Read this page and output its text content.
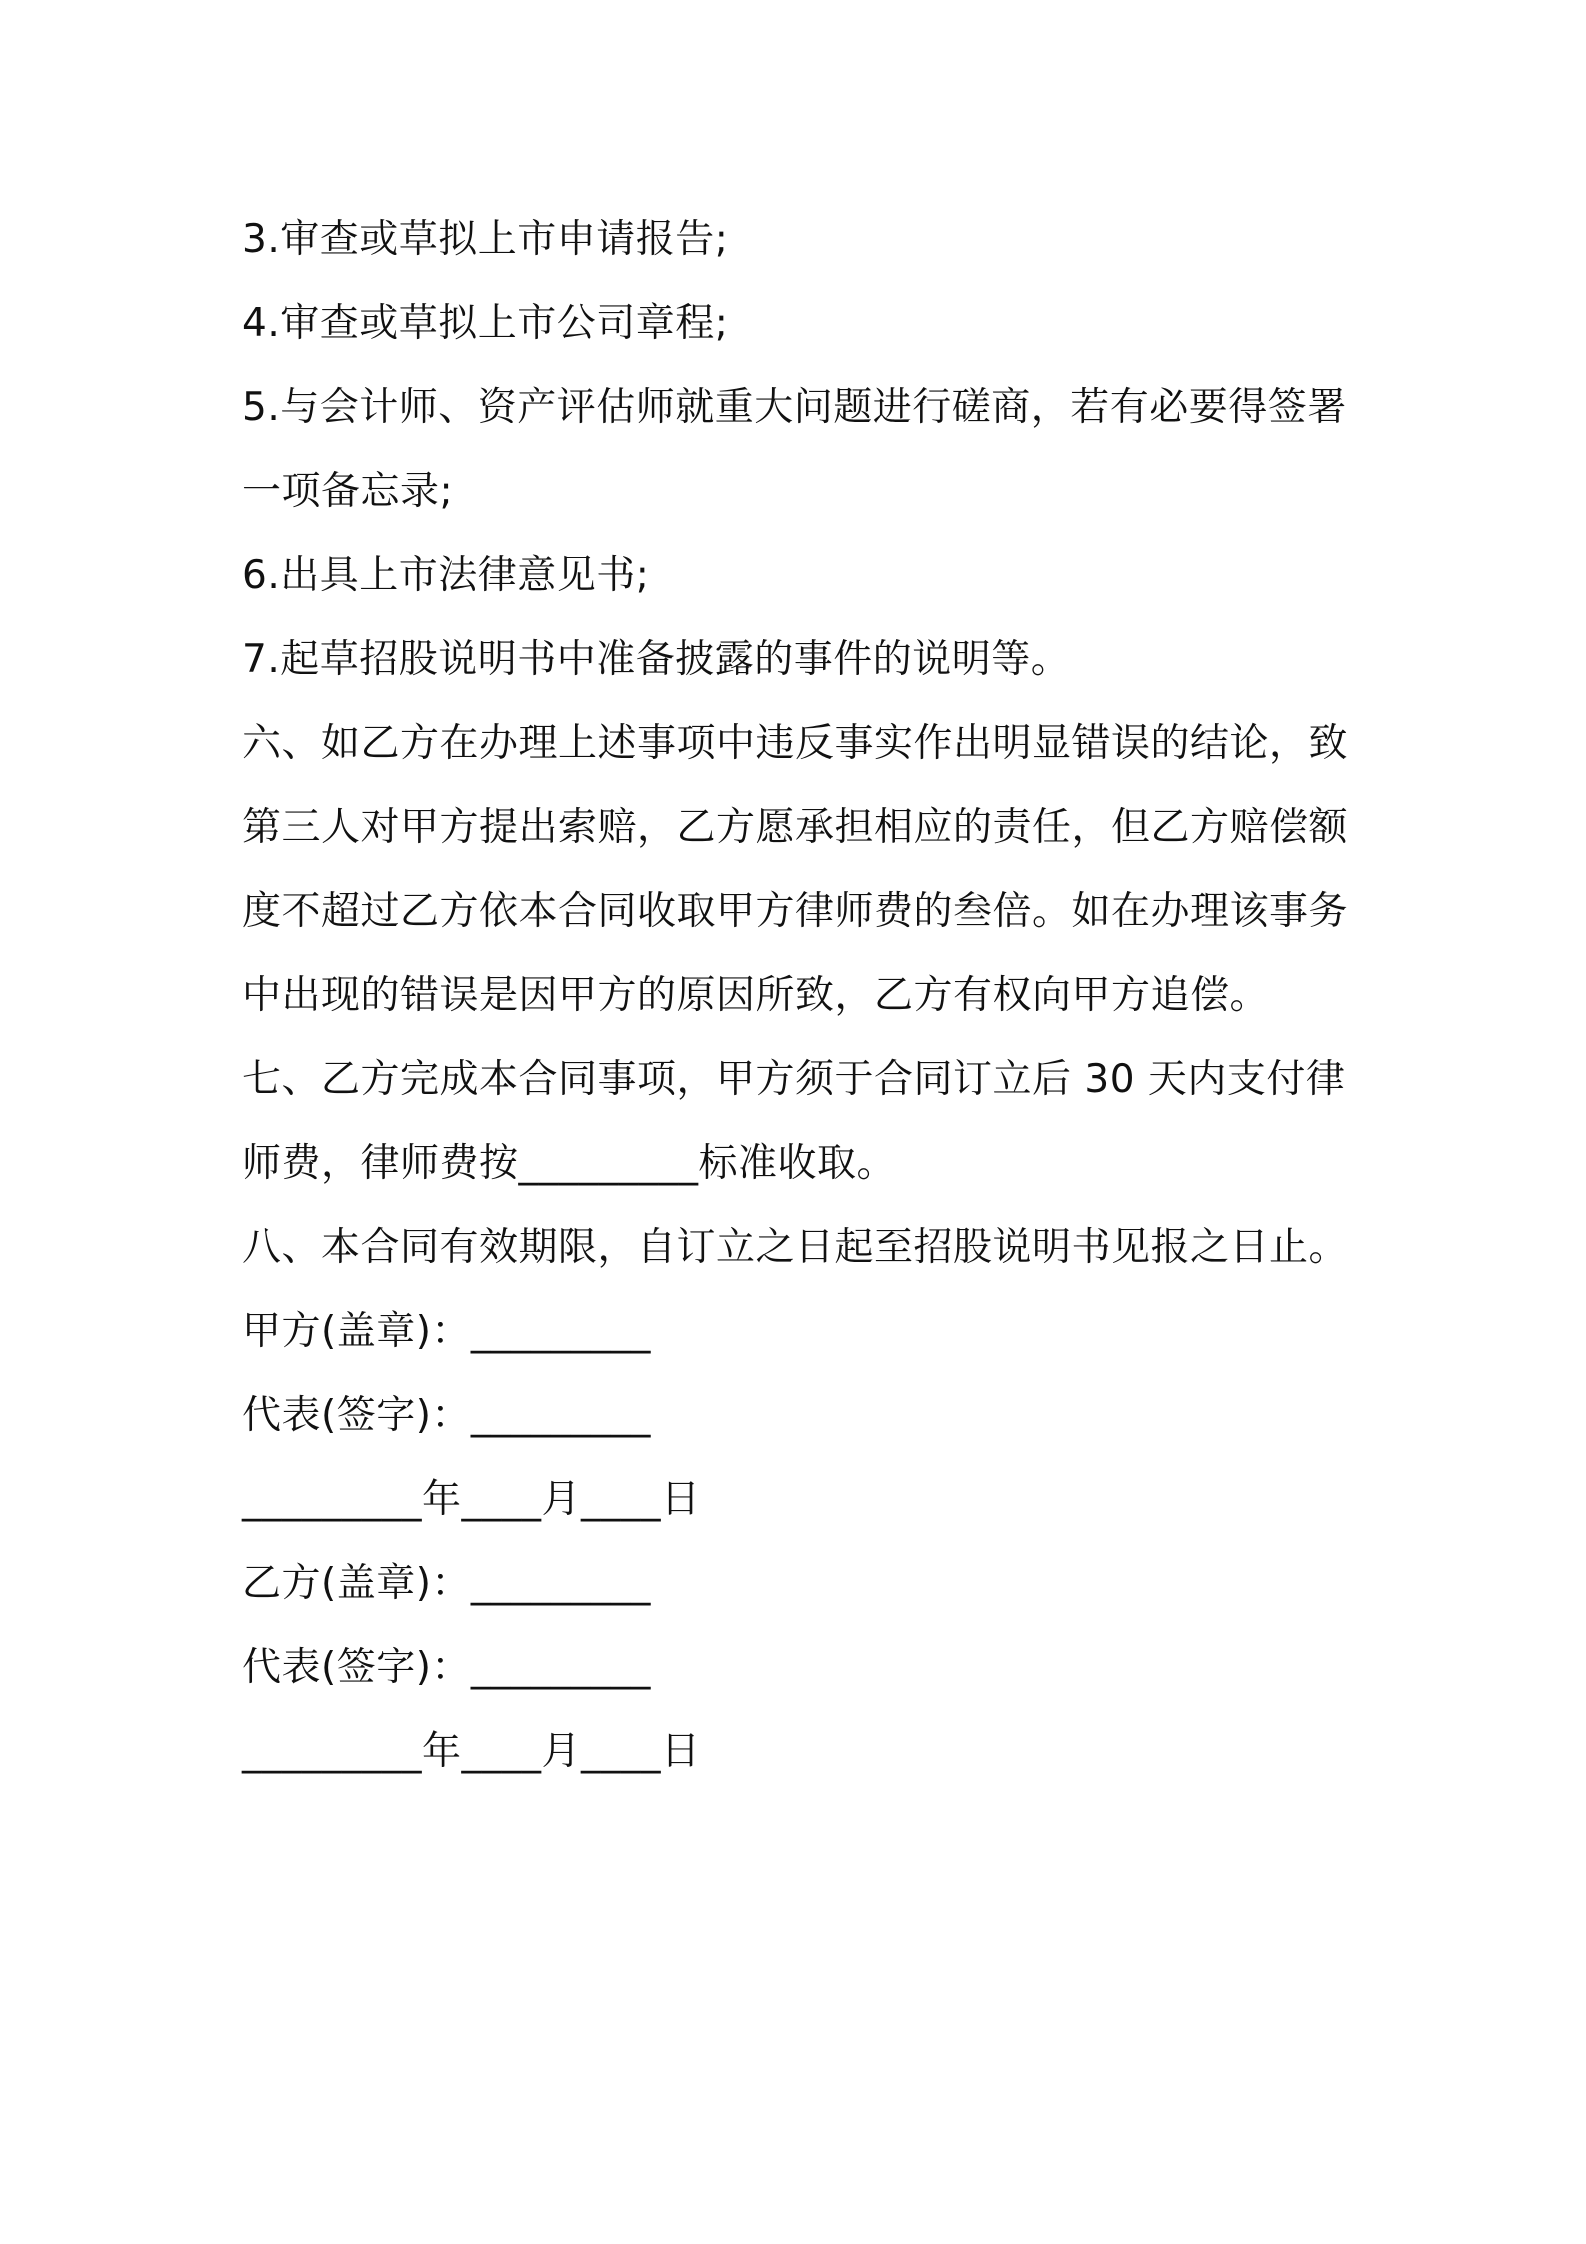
3.审查或草拟上市申请报告;
4.审查或草拟上市公司章程;
5.与会计师、资产评估师就重大问题进行磋商，若有必要得签署
一项备忘录;
6.出具上市法律意见书;
7.起草招股说明书中准备披露的事件的说明等。
六、如乙方在办理上述事项中违反事实作出明显错误的结论，致
第三人对甲方提出索赔，乙方愿承担相应的责任，但乙方赔偿额
度不超过乙方依本合同收取甲方律师费的叁倍。如在办理该事务
中出现的错误是因甲方的原因所致，乙方有权向甲方追偿。
七、乙方完成本合同事项，甲方须于合同订立后 30 天内支付律
师费，律师费按_________标准收取。
八、本合同有效期限，自订立之日起至招股说明书见报之日止。
甲方(盖章)：_________
代表(签字)：_________
_________年____月____日
乙方(盖章)：_________
代表(签字)：_________
_________年____月____日
